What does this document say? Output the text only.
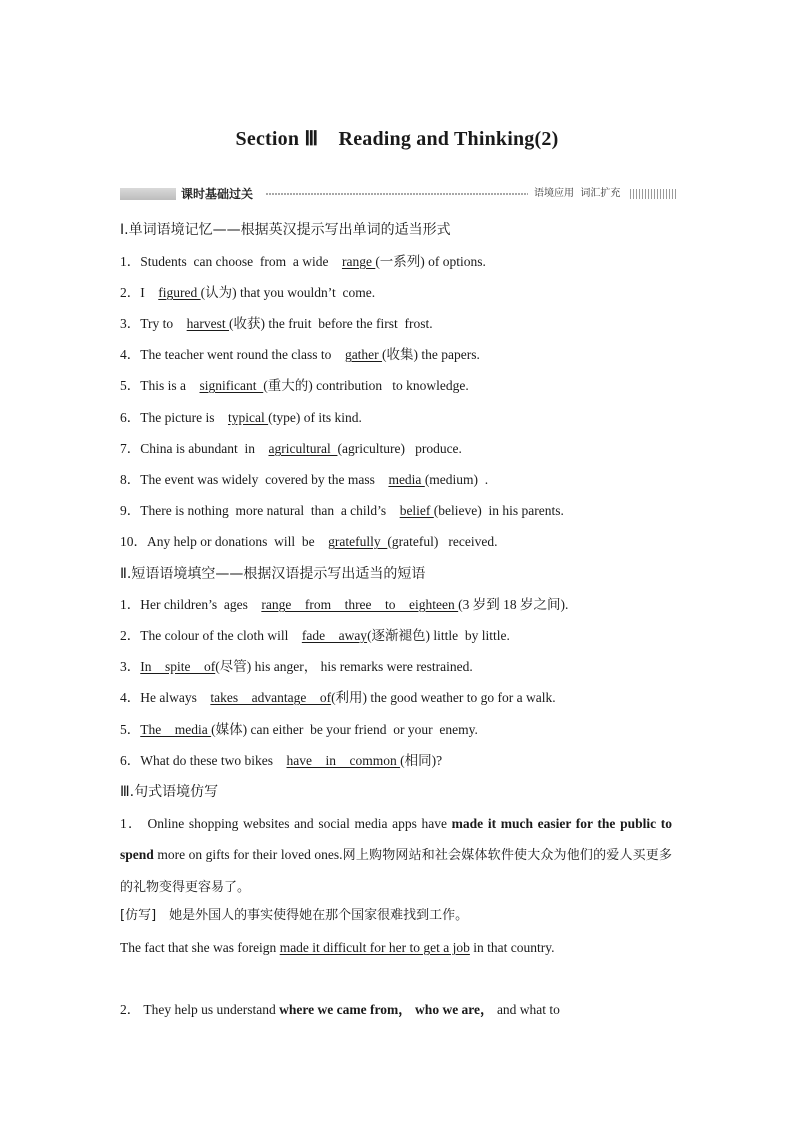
Section Ⅲ　Reading and Thinking(2)
课时基础过关	语境应用  词汇扩充
Ⅰ.单词语境记忆——根据英汉提示写出单词的适当形式
1．Students  can choose  from  a wide    range (一系列) of options.
2．I    figured (认为) that you wouldn’t  come.
3．Try to    harvest (收获) the fruit  before the first  frost.
4．The teacher went round the class to    gather (收集) the papers.
5．This is a    significant  (重大的) contribution   to knowledge.
6．The picture is    typical (type) of its kind.
7．China is abundant  in    agricultural  (agriculture)   produce.
8．The event was widely  covered by the mass    media (medium)  .
9．There is nothing  more natural  than  a child’s    belief (believe)  in his parents.
10．Any help or donations  will  be    gratefully  (grateful)   received.
Ⅱ.短语语境填空——根据汉语提示写出适当的短语
1．Her children’s  ages    range    from    three    to    eighteen (3 岁到 18 岁之间).
2．The colour of the cloth will    fade    away(逐渐褪色) little  by little.
3．In    spite    of(尽管) his anger， his remarks were restrained.
4．He always    takes    advantage    of(利用) the good weather to go for a walk.
5．The    media (媒体) can either  be your friend  or your  enemy.
6．What do these two bikes    have    in    common (相同)?
Ⅲ.句式语境仿写
1． Online shopping websites and social media apps have made it much easier for the public to spend more on gifts for their loved ones.网上购物网站和社会媒体软件使大众为他们的爱人买更多的礼物变得更容易了。
[仿写]　她是外国人的事实使得她在那个国家很难找到工作。
The fact that she was foreign made it difficult for her to get a job in that country.
2． They help us understand where we came from， who we are， and what to
